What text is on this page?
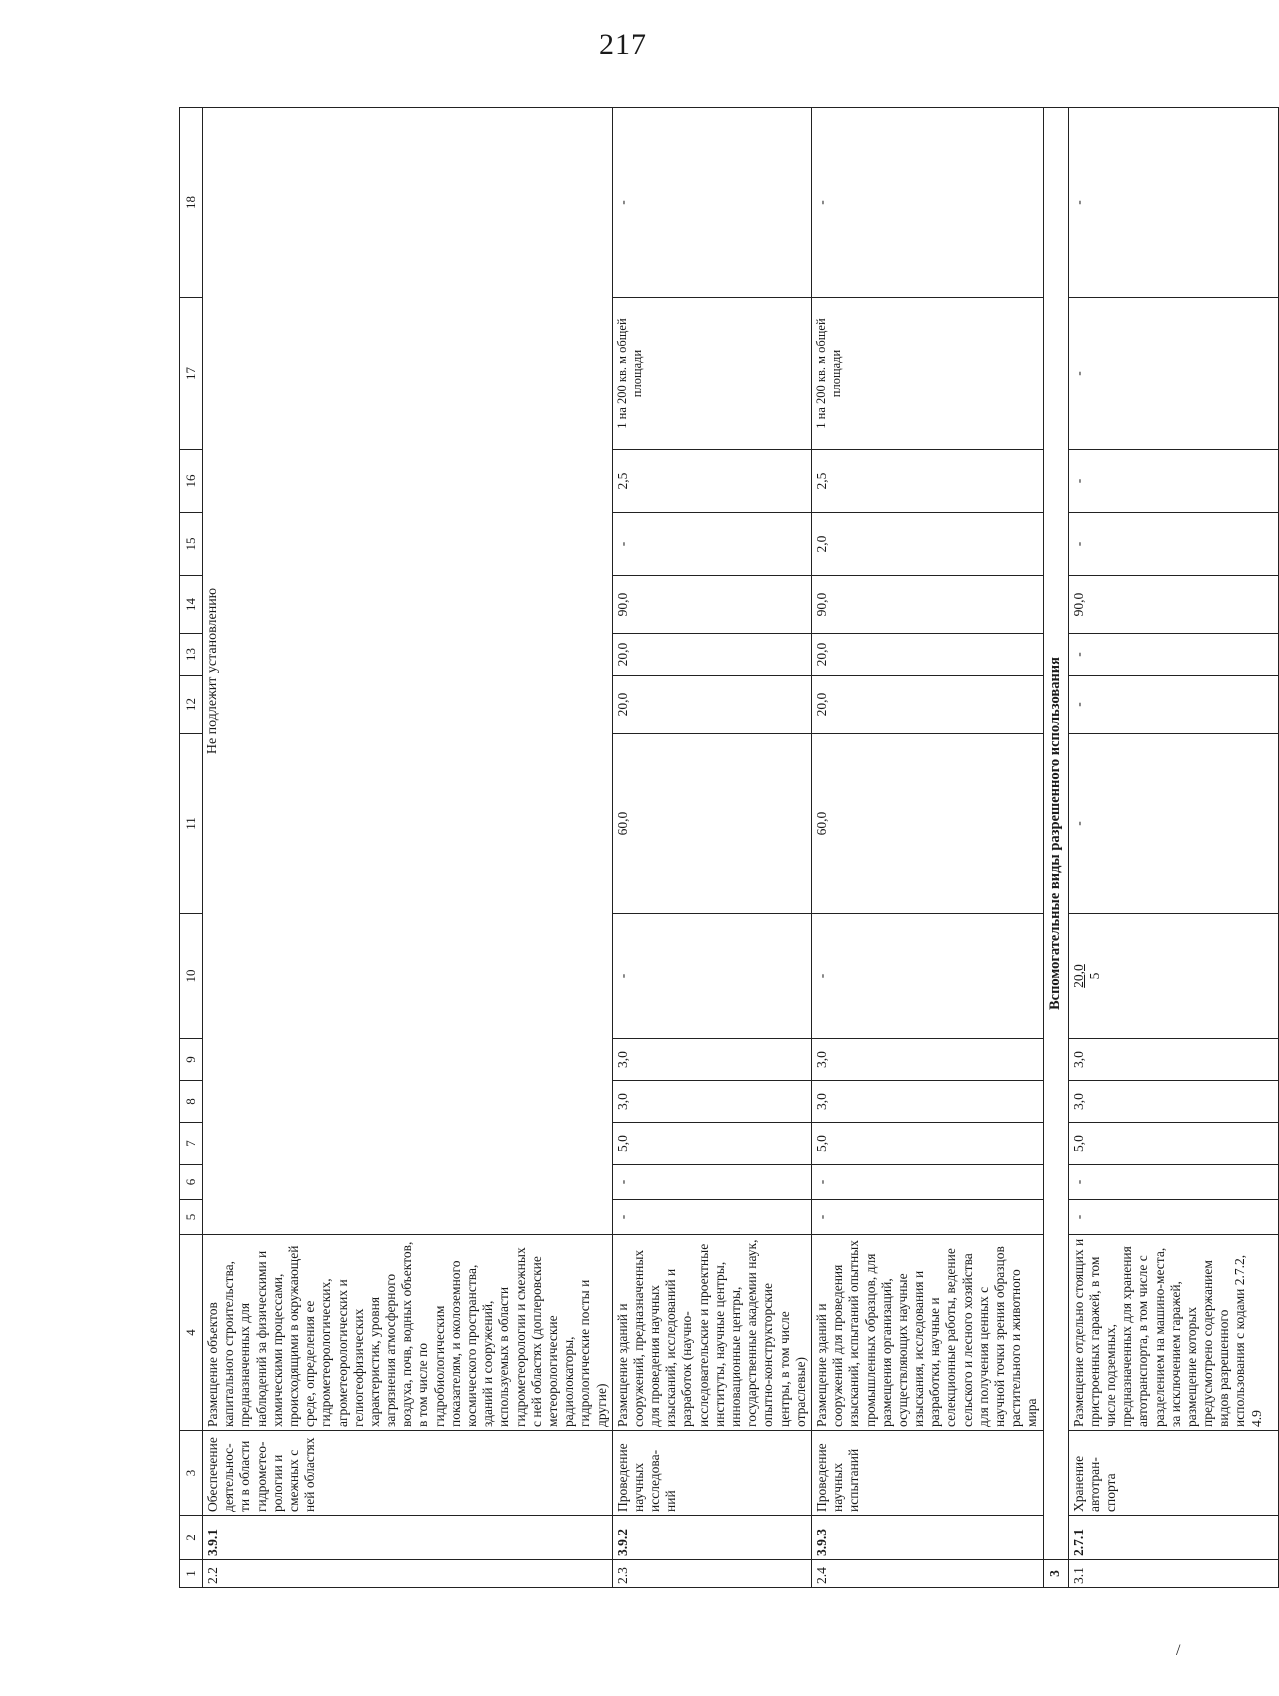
217
1	2	3	4	5	6	7	8	9	10	11	12	13	14	15	16	17	18
2.2	3.9.1	Обеспечение деятельнос-ти в области гидрометео-рологии и смежных с ней областях	Размещение объектов капитального строительства, предназначенных для наблюдений за физическими и химическими процессами, происходящими в окружающей среде, определения ее гидрометеорологических, агрометеорологических и гелиогеофизических характеристик, уровня загрязнения атмосферного воздуха, почв, водных объектов, в том числе по гидробиологическим показателям, и околоземного космического пространства, зданий и сооружений, используемых в области гидрометеорологии и смежных с ней областях (доплеровские метеорологические радиолокаторы, гидрологические посты и другие)	Не подлежит установлению													
2.3	3.9.2	Проведение научных исследова-ний	Размещение зданий и сооружений, предназначенных для проведения научных изысканий, исследований и разработок (научно-исследовательские и проектные институты, научные центры, инновационные центры, государственные академии наук, опытно-конструкторские центры, в том числе отраслевые)	-	-	5,0	3,0	3,0	-	60,0	20,0	20,0	90,0	-	2,5	1 на 200 кв. м общей площади	-
2.4	3.9.3	Проведение научных испытаний	Размещение зданий и сооружений для проведения изысканий, испытаний опытных промышленных образцов, для размещения организаций, осуществляющих научные изыскания, исследования и разработки, научные и селекционные работы, ведение сельского и лесного хозяйства для получения ценных с научной точки зрения образцов растительного и животного мира	-	-	5,0	3,0	3,0	-	60,0	20,0	20,0	90,0	2,0	2,5	1 на 200 кв. м общей площади	-
3	Вспомогательные виды разрешенного использования																
3.1	2.7.1	Хранение автотран-спорта	Размещение отдельно стоящих и пристроенных гаражей, в том числе подземных, предназначенных для хранения автотранспорта, в том числе с разделением на машино-места, за исключением гаражей, размещение которых предусмотрено содержанием видов разрешенного использования с кодами 2.7.2, 4.9	-	-	5,0	3,0	3,0	20,0 5	-	-	-	90,0	-	-	-	-
/
